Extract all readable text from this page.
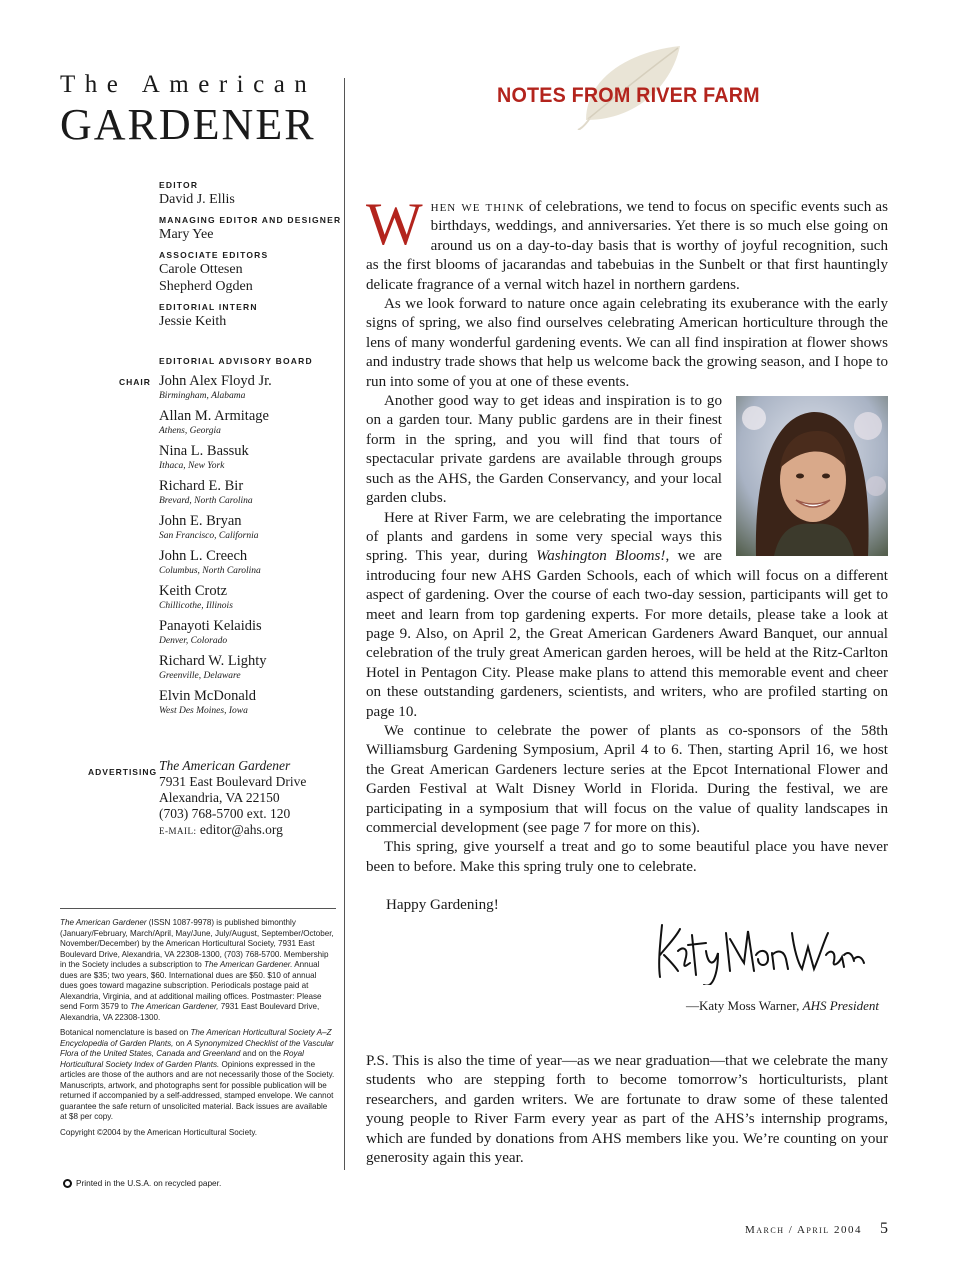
The American
GARDENER
EDITOR
David J. Ellis
MANAGING EDITOR AND DESIGNER
Mary Yee
ASSOCIATE EDITORS
Carole Ottesen
Shepherd Ogden
EDITORIAL INTERN
Jessie Keith
EDITORIAL ADVISORY BOARD
CHAIR John Alex Floyd Jr.
Birmingham, Alabama
Allan M. Armitage
Athens, Georgia
Nina L. Bassuk
Ithaca, New York
Richard E. Bir
Brevard, North Carolina
John E. Bryan
San Francisco, California
John L. Creech
Columbus, North Carolina
Keith Crotz
Chillicothe, Illinois
Panayoti Kelaidis
Denver, Colorado
Richard W. Lighty
Greenville, Delaware
Elvin McDonald
West Des Moines, Iowa
ADVERTISING The American Gardener
7931 East Boulevard Drive
Alexandria, VA 22150
(703) 768-5700 ext. 120
E-MAIL: editor@ahs.org

The American Gardener (ISSN 1087-9978) is published bimonthly (January/February, March/April, May/June, July/August, September/October, November/December) by the American Horticultural Society, 7931 East Boulevard Drive, Alexandria, VA 22308-1300, (703) 768-5700. Membership in the Society includes a subscription to The American Gardener. Annual dues are $35; two years, $60. International dues are $50. $10 of annual dues goes toward magazine subscription. Periodicals postage paid at Alexandria, Virginia, and at additional mailing offices. Postmaster: Please send Form 3579 to The American Gardener, 7931 East Boulevard Drive, Alexandria, VA 22308-1300.

Botanical nomenclature is based on The American Horticultural Society A–Z Encyclopedia of Garden Plants, on A Synonymized Checklist of the Vascular Flora of the United States, Canada and Greenland and on the Royal Horticultural Society Index of Garden Plants. Opinions expressed in the articles are those of the authors and are not necessarily those of the Society. Manuscripts, artwork, and photographs sent for possible publication will be returned if accompanied by a self-addressed, stamped envelope. We cannot guarantee the safe return of unsolicited material. Back issues are available at $8 per copy.

Copyright ©2004 by the American Horticultural Society.

Printed in the U.S.A. on recycled paper.
NOTES FROM RIVER FARM

When we think of celebrations, we tend to focus on specific events such as birthdays, weddings, and anniversaries. Yet there is so much else going on around us on a day-to-day basis that is worthy of joyful recognition, such as the first blooms of jacarandas and tabebuias in the Sunbelt or that first hauntingly delicate fragrance of a vernal witch hazel in northern gardens.

As we look forward to nature once again celebrating its exuberance with the early signs of spring, we also find ourselves celebrating American horticulture through the lens of many wonderful gardening events. We can all find inspiration at flower shows and industry trade shows that help us welcome back the growing season, and I hope to run into some of you at one of these events.

Another good way to get ideas and inspiration is to go on a garden tour. Many public gardens are in their finest form in the spring, and you will find that tours of spectacular private gardens are available through groups such as the AHS, the Garden Conservancy, and your local garden clubs.

Here at River Farm, we are celebrating the importance of plants and gardens in some very special ways this spring. This year, during Washington Blooms!, we are introducing four new AHS Garden Schools, each of which will focus on a different aspect of gardening. Over the course of each two-day session, participants will get to meet and learn from top gardening experts. For more details, please take a look at page 9. Also, on April 2, the Great American Gardeners Award Banquet, our annual celebration of the truly great American garden heroes, will be held at the Ritz-Carlton Hotel in Pentagon City. Please make plans to attend this memorable event and cheer on these outstanding gardeners, scientists, and writers, who are profiled starting on page 10.

We continue to celebrate the power of plants as co-sponsors of the 58th Williamsburg Gardening Symposium, April 4 to 6. Then, starting April 16, we host the Great American Gardeners lecture series at the Epcot International Flower and Garden Festival at Walt Disney World in Florida. During the festival, we are participating in a symposium that will focus on the value of quality landscapes in commercial development (see page 7 for more on this).

This spring, give yourself a treat and go to some beautiful place you have never been to before. Make this spring truly one to celebrate.

Happy Gardening!
—Katy Moss Warner, AHS President
P.S. This is also the time of year—as we near graduation—that we celebrate the many students who are stepping forth to become tomorrow’s horticulturists, plant researchers, and garden writers. We are fortunate to draw some of these talented young people to River Farm every year as part of the AHS’s internship programs, which are funded by donations from AHS members like you. We’re counting on your generosity again this year.
March / April 2004 5
